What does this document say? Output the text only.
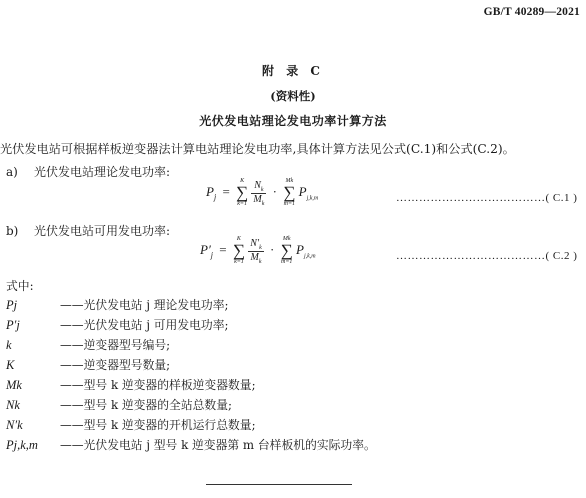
GB/T 40289—2021
附 录 C
(资料性)
光伏发电站理论发电功率计算方法
光伏发电站可根据样板逆变器法计算电站理论发电功率,具体计算方法见公式(C.1)和公式(C.2)。
a) 光伏发电站理论发电功率:
$P_j$ =
K
∑
k=1
$\frac{N_k}{M_k}$ ·
Mk
∑
m=1
$P_{j,k,m}$	…………………………………( C.1 )
b) 光伏发电站可用发电功率:
$P'_j$ =
K
∑
k=1
$\frac{N'_k}{M_k}$ ·
Mk
∑
m=1
$P_{j,k,m}$	…………………………………( C.2 )
式中:
Pj	——光伏发电站 j 理论发电功率;
P′j	——光伏发电站 j 可用发电功率;
k	——逆变器型号编号;
K	——逆变器型号数量;
Mk	——型号 k 逆变器的样板逆变器数量;
Nk	——型号 k 逆变器的全站总数量;
N′k	——型号 k 逆变器的开机运行总数量;
Pj,k,m ——光伏发电站 j 型号 k 逆变器第 m 台样板机的实际功率。
